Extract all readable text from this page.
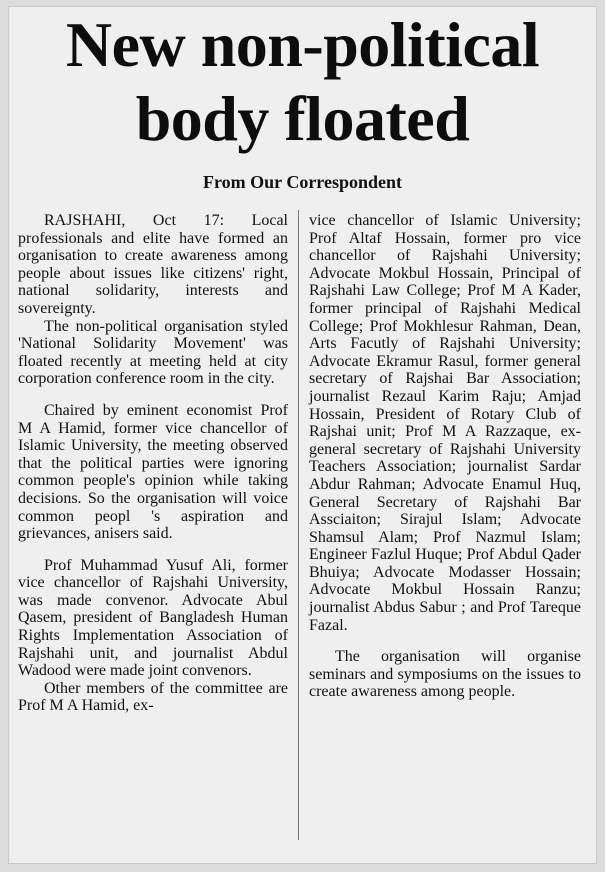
New non-political
body floated
From Our Correspondent

RAJSHAHI, Oct 17: Local professionals and elite have formed an organisation to create awareness among people about issues like citizens' right, national solidarity, interests and sovereignty.

The non-political organisation styled 'National Solidarity Movement' was floated recently at meeting held at city corporation conference room in the city.

Chaired by eminent economist Prof M A Hamid, former vice chancellor of Islamic University, the meeting observed that the political parties were ignoring common people's opinion while taking decisions. So the organisation will voice common peopl 's aspiration and grievances, anisers said.

Prof Muhammad Yusuf Ali, former vice chancellor of Rajshahi University, was made convenor. Advocate Abul Qasem, president of Bangladesh Human Rights Implementation Association of Rajshahi unit, and journalist Abdul Wadood were made joint convenors.

Other members of the committee are Prof M A Hamid, ex-

vice chancellor of Islamic University; Prof Altaf Hossain, former pro vice chancellor of Rajshahi University; Advocate Mokbul Hossain, Principal of Rajshahi Law College; Prof M A Kader, former principal of Rajshahi Medical College; Prof Mokhlesur Rahman, Dean, Arts Facutly of Rajshahi University; Advocate Ekramur Rasul, former general secretary of Rajshai Bar Association; journalist Rezaul Karim Raju; Amjad Hossain, President of Rotary Club of Rajshai unit; Prof M A Razzaque, ex-general secretary of Rajshahi University Teachers Association; journalist Sardar Abdur Rahman; Advocate Enamul Huq, General Secretary of Rajshahi Bar Assciaiton; Sirajul Islam; Advocate Shamsul Alam; Prof Nazmul Islam; Engineer Fazlul Huque; Prof Abdul Qader Bhuiya; Advocate Modasser Hossain; Advocate Mokbul Hossain Ranzu; journalist Abdus Sabur ; and Prof Tareque Fazal.

The organisation will organise seminars and symposiums on the issues to create awareness among people.
